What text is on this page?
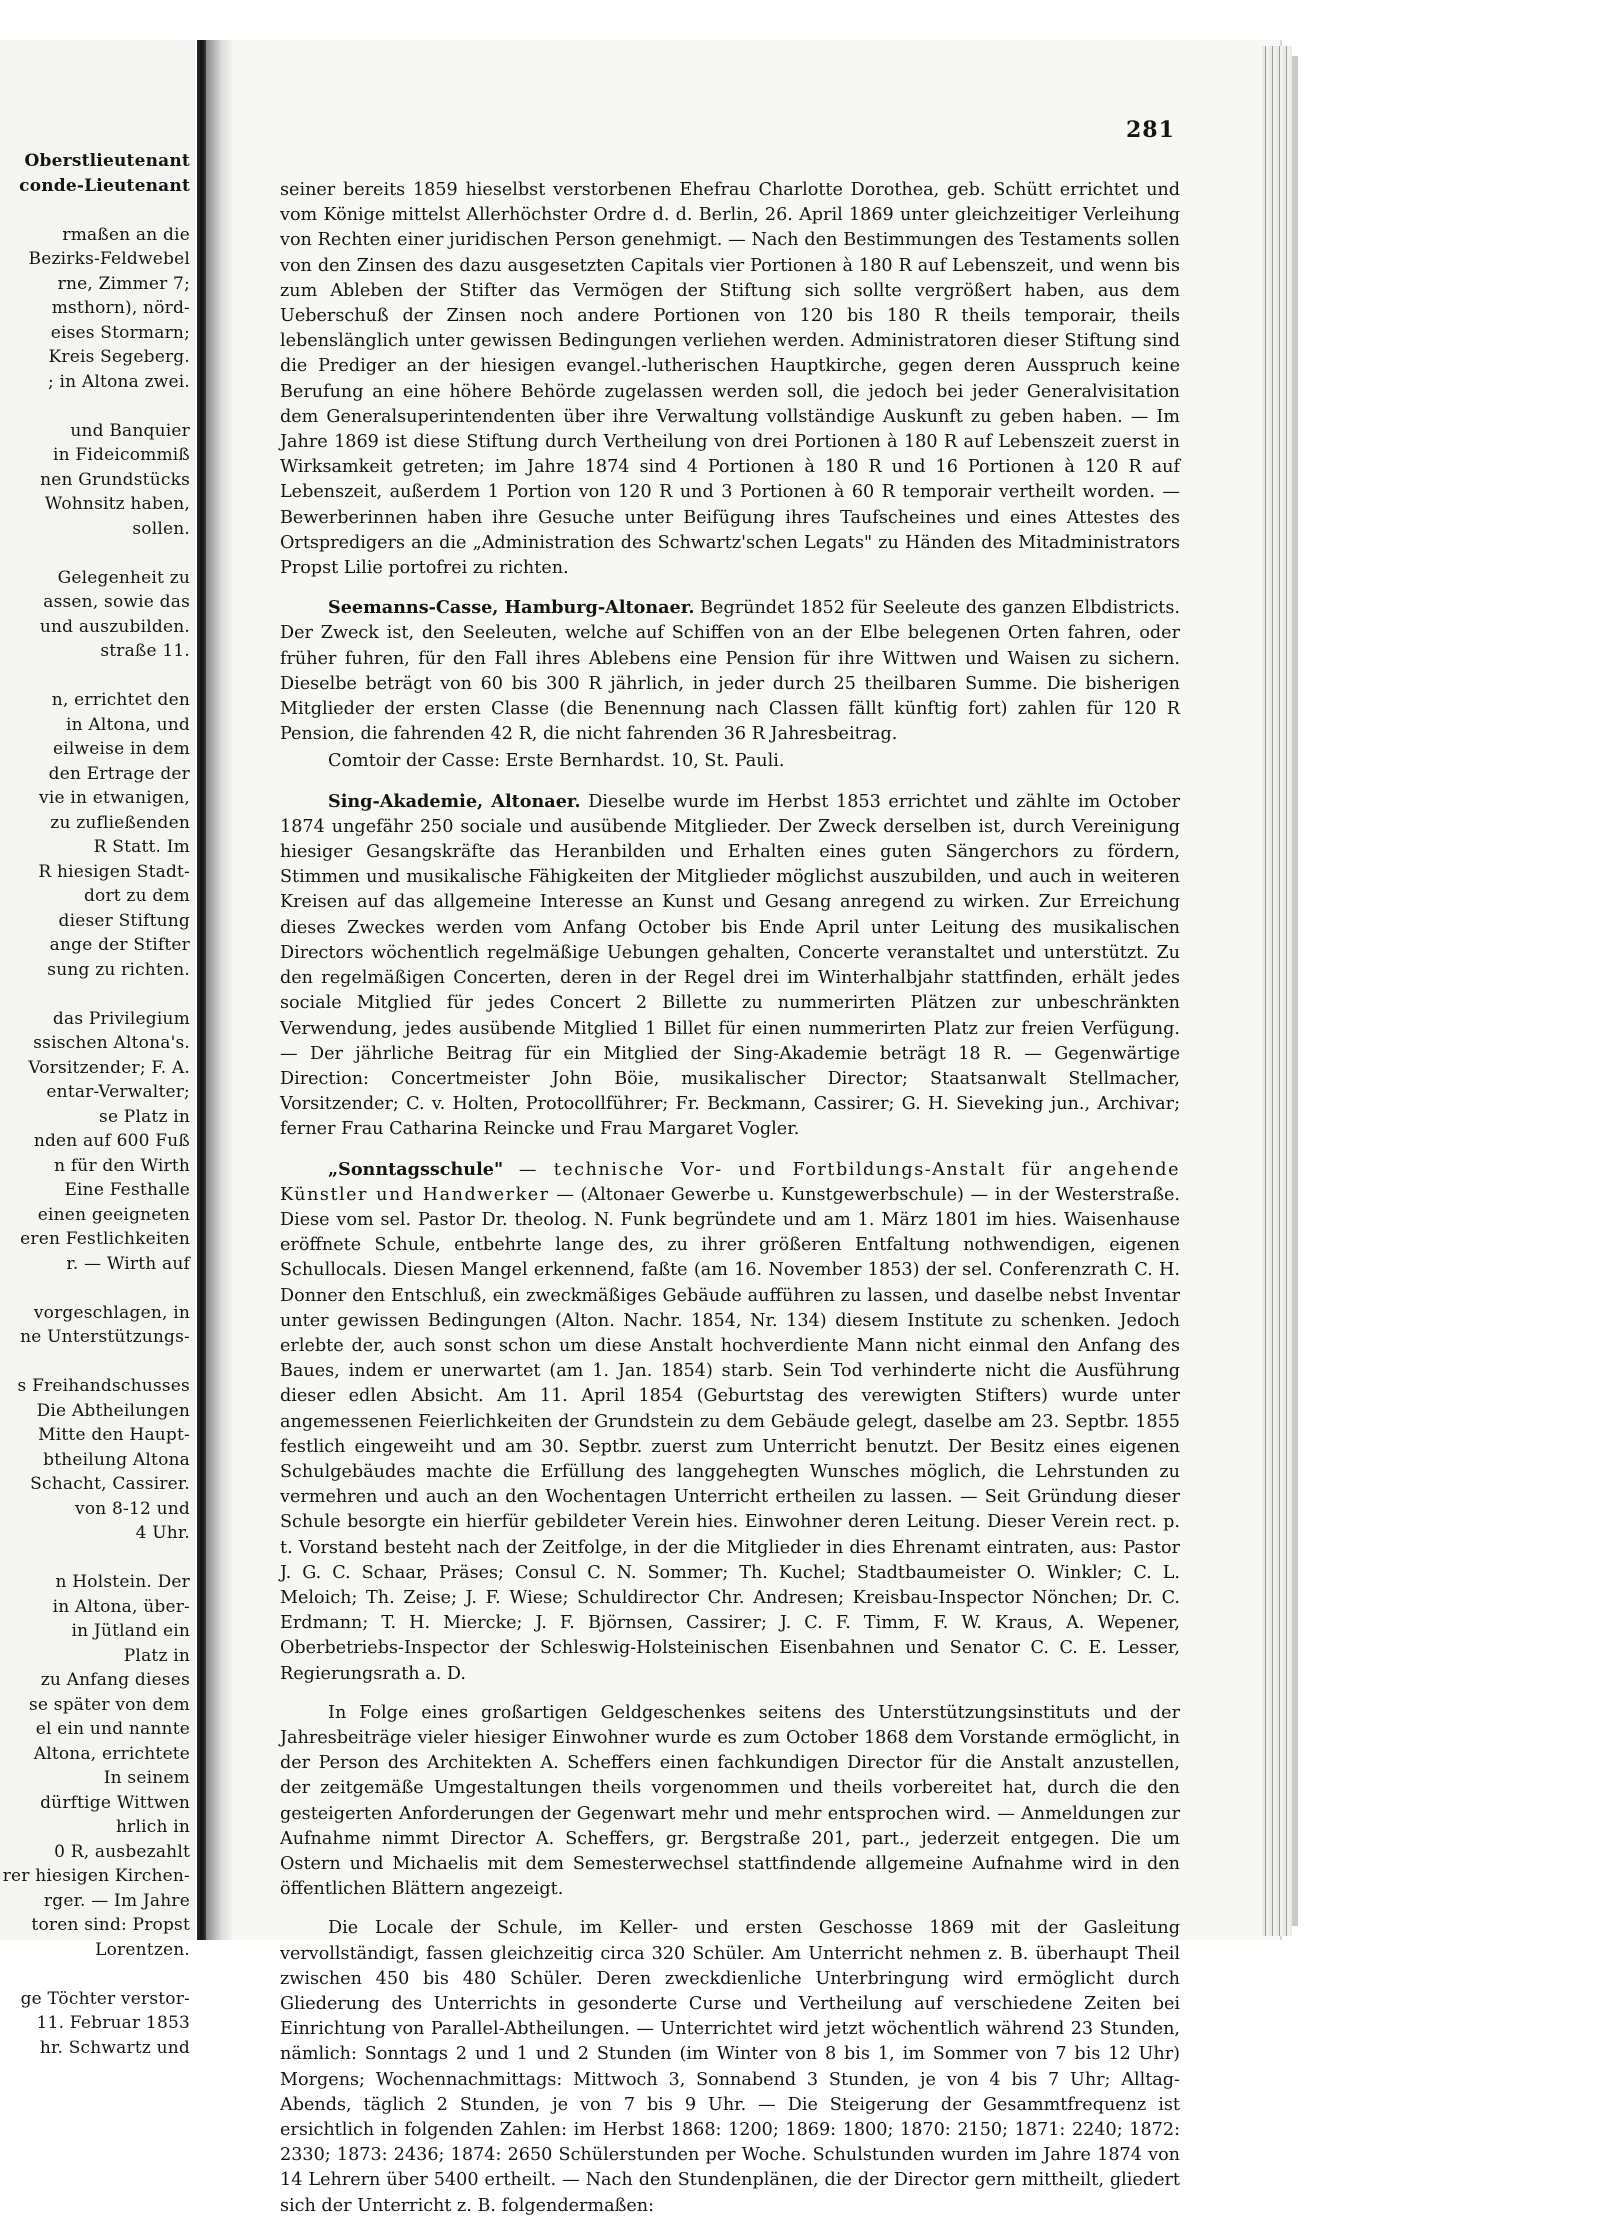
Oberstlieutenant
conde-Lieutenant
rmaßen an die
Bezirks-Feldwebel
rne, Zimmer 7;
msthorn), nörd-
eises Stormarn;
Kreis Segeberg.
; in Altona zwei.
und Banquier
in Fideicommiß
nen Grundstücks
Wohnsitz haben,
sollen.
Gelegenheit zu
assen, sowie das
und auszubilden.
straße 11.
n, errichtet den
in Altona, und
eilweise in dem
den Ertrage der
vie in etwanigen,
zu zufließenden
R Statt. Im
R hiesigen Stadt-
dort zu dem
dieser Stiftung
ange der Stifter
sung zu richten.
das Privilegium
ssischen Altona's.
Vorsitzender; F. A.
entar-Verwalter;
se Platz in
nden auf 600 Fuß
n für den Wirth
Eine Festhalle
einen geeigneten
eren Festlichkeiten
r. — Wirth auf
vorgeschlagen, in
ne Unterstützungs-
s Freihandschusses
Die Abtheilungen
Mitte den Haupt-
btheilung Altona
Schacht, Cassirer.
von 8-12 und
4 Uhr.
n Holstein. Der
in Altona, über-
in Jütland ein
Platz in
zu Anfang dieses
se später von dem
el ein und nannte
Altona, errichtete
In seinem
dürftige Wittwen
hrlich in
0 R, ausbezahlt
rer hiesigen Kirchen-
rger. — Im Jahre
toren sind: Propst
Lorentzen.
ge Töchter verstor-
11. Februar 1853
hr. Schwartz und
281

seiner bereits 1859 hieselbst verstorbenen Ehefrau Charlotte Dorothea, geb. Schütt errichtet und vom Könige mittelst Allerhöchster Ordre d. d. Berlin, 26. April 1869 unter gleichzeitiger Verleihung von Rechten einer juridischen Person genehmigt. — Nach den Bestimmungen des Testaments sollen von den Zinsen des dazu ausgesetzten Capitals vier Portionen à 180 R auf Lebenszeit, und wenn bis zum Ableben der Stifter das Vermögen der Stiftung sich sollte vergrößert haben, aus dem Ueberschuß der Zinsen noch andere Portionen von 120 bis 180 R theils temporair, theils lebenslänglich unter gewissen Bedingungen verliehen werden. Administratoren dieser Stiftung sind die Prediger an der hiesigen evangel.-lutherischen Hauptkirche, gegen deren Ausspruch keine Berufung an eine höhere Behörde zugelassen werden soll, die jedoch bei jeder Generalvisitation dem Generalsuperintendenten über ihre Verwaltung vollständige Auskunft zu geben haben. — Im Jahre 1869 ist diese Stiftung durch Vertheilung von drei Portionen à 180 R auf Lebenszeit zuerst in Wirksamkeit getreten; im Jahre 1874 sind 4 Portionen à 180 R und 16 Portionen à 120 R auf Lebenszeit, außerdem 1 Portion von 120 R und 3 Portionen à 60 R temporair vertheilt worden. — Bewerberinnen haben ihre Gesuche unter Beifügung ihres Taufscheines und eines Attestes des Ortspredigers an die „Administration des Schwartz'schen Legats" zu Händen des Mitadministrators Propst Lilie portofrei zu richten.

Seemanns-Casse, Hamburg-Altonaer. Begründet 1852 für Seeleute des ganzen Elbdistricts. Der Zweck ist, den Seeleuten, welche auf Schiffen von an der Elbe belegenen Orten fahren, oder früher fuhren, für den Fall ihres Ablebens eine Pension für ihre Wittwen und Waisen zu sichern. Dieselbe beträgt von 60 bis 300 R jährlich, in jeder durch 25 theilbaren Summe. Die bisherigen Mitglieder der ersten Classe (die Benennung nach Classen fällt künftig fort) zahlen für 120 R Pension, die fahrenden 42 R, die nicht fahrenden 36 R Jahresbeitrag.

Comtoir der Casse: Erste Bernhardst. 10, St. Pauli.

Sing-Akademie, Altonaer. Dieselbe wurde im Herbst 1853 errichtet und zählte im October 1874 ungefähr 250 sociale und ausübende Mitglieder. Der Zweck derselben ist, durch Vereinigung hiesiger Gesangskräfte das Heranbilden und Erhalten eines guten Sängerchors zu fördern, Stimmen und musikalische Fähigkeiten der Mitglieder möglichst auszubilden, und auch in weiteren Kreisen auf das allgemeine Interesse an Kunst und Gesang anregend zu wirken. Zur Erreichung dieses Zweckes werden vom Anfang October bis Ende April unter Leitung des musikalischen Directors wöchentlich regelmäßige Uebungen gehalten, Concerte veranstaltet und unterstützt. Zu den regelmäßigen Concerten, deren in der Regel drei im Winterhalbjahr stattfinden, erhält jedes sociale Mitglied für jedes Concert 2 Billette zu nummerirten Plätzen zur unbeschränkten Verwendung, jedes ausübende Mitglied 1 Billet für einen nummerirten Platz zur freien Verfügung. — Der jährliche Beitrag für ein Mitglied der Sing-Akademie beträgt 18 R. — Gegenwärtige Direction: Concertmeister John Böie, musikalischer Director; Staatsanwalt Stellmacher, Vorsitzender; C. v. Holten, Protocollführer; Fr. Beckmann, Cassirer; G. H. Sieveking jun., Archivar; ferner Frau Catharina Reincke und Frau Margaret Vogler.

„Sonntagsschule" — technische Vor- und Fortbildungs-Anstalt für angehende Künstler und Handwerker — (Altonaer Gewerbe u. Kunstgewerbschule) — in der Westerstraße. Diese vom sel. Pastor Dr. theolog. N. Funk begründete und am 1. März 1801 im hies. Waisenhause eröffnete Schule, entbehrte lange des, zu ihrer größeren Entfaltung nothwendigen, eigenen Schullocals. Diesen Mangel erkennend, faßte (am 16. November 1853) der sel. Conferenzrath C. H. Donner den Entschluß, ein zweckmäßiges Gebäude aufführen zu lassen, und daselbe nebst Inventar unter gewissen Bedingungen (Alton. Nachr. 1854, Nr. 134) diesem Institute zu schenken. Jedoch erlebte der, auch sonst schon um diese Anstalt hochverdiente Mann nicht einmal den Anfang des Baues, indem er unerwartet (am 1. Jan. 1854) starb. Sein Tod verhinderte nicht die Ausführung dieser edlen Absicht. Am 11. April 1854 (Geburtstag des verewigten Stifters) wurde unter angemessenen Feierlichkeiten der Grundstein zu dem Gebäude gelegt, daselbe am 23. Septbr. 1855 festlich eingeweiht und am 30. Septbr. zuerst zum Unterricht benutzt. Der Besitz eines eigenen Schulgebäudes machte die Erfüllung des langgehegten Wunsches möglich, die Lehrstunden zu vermehren und auch an den Wochentagen Unterricht ertheilen zu lassen. — Seit Gründung dieser Schule besorgte ein hierfür gebildeter Verein hies. Einwohner deren Leitung. Dieser Verein rect. p. t. Vorstand besteht nach der Zeitfolge, in der die Mitglieder in dies Ehrenamt eintraten, aus: Pastor J. G. C. Schaar, Präses; Consul C. N. Sommer; Th. Kuchel; Stadtbaumeister O. Winkler; C. L. Meloich; Th. Zeise; J. F. Wiese; Schuldirector Chr. Andresen; Kreisbau-Inspector Nönchen; Dr. C. Erdmann; T. H. Miercke; J. F. Björnsen, Cassirer; J. C. F. Timm, F. W. Kraus, A. Wepener, Oberbetriebs-Inspector der Schleswig-Holsteinischen Eisenbahnen und Senator C. C. E. Lesser, Regierungsrath a. D.

In Folge eines großartigen Geldgeschenkes seitens des Unterstützungsinstituts und der Jahresbeiträge vieler hiesiger Einwohner wurde es zum October 1868 dem Vorstande ermöglicht, in der Person des Architekten A. Scheffers einen fachkundigen Director für die Anstalt anzustellen, der zeitgemäße Umgestaltungen theils vorgenommen und theils vorbereitet hat, durch die den gesteigerten Anforderungen der Gegenwart mehr und mehr entsprochen wird. — Anmeldungen zur Aufnahme nimmt Director A. Scheffers, gr. Bergstraße 201, part., jederzeit entgegen. Die um Ostern und Michaelis mit dem Semesterwechsel stattfindende allgemeine Aufnahme wird in den öffentlichen Blättern angezeigt.

Die Locale der Schule, im Keller- und ersten Geschosse 1869 mit der Gasleitung vervollständigt, fassen gleichzeitig circa 320 Schüler. Am Unterricht nehmen z. B. überhaupt Theil zwischen 450 bis 480 Schüler. Deren zweckdienliche Unterbringung wird ermöglicht durch Gliederung des Unterrichts in gesonderte Curse und Vertheilung auf verschiedene Zeiten bei Einrichtung von Parallel-Abtheilungen. — Unterrichtet wird jetzt wöchentlich während 23 Stunden, nämlich: Sonntags 2 und 1 und 2 Stunden (im Winter von 8 bis 1, im Sommer von 7 bis 12 Uhr) Morgens; Wochennachmittags: Mittwoch 3, Sonnabend 3 Stunden, je von 4 bis 7 Uhr; Alltag-Abends, täglich 2 Stunden, je von 7 bis 9 Uhr. — Die Steigerung der Gesammtfrequenz ist ersichtlich in folgenden Zahlen: im Herbst 1868: 1200; 1869: 1800; 1870: 2150; 1871: 2240; 1872: 2330; 1873: 2436; 1874: 2650 Schülerstunden per Woche. Schulstunden wurden im Jahre 1874 von 14 Lehrern über 5400 ertheilt. — Nach den Stundenplänen, die der Director gern mittheilt, gliedert sich der Unterricht z. B. folgendermaßen:
